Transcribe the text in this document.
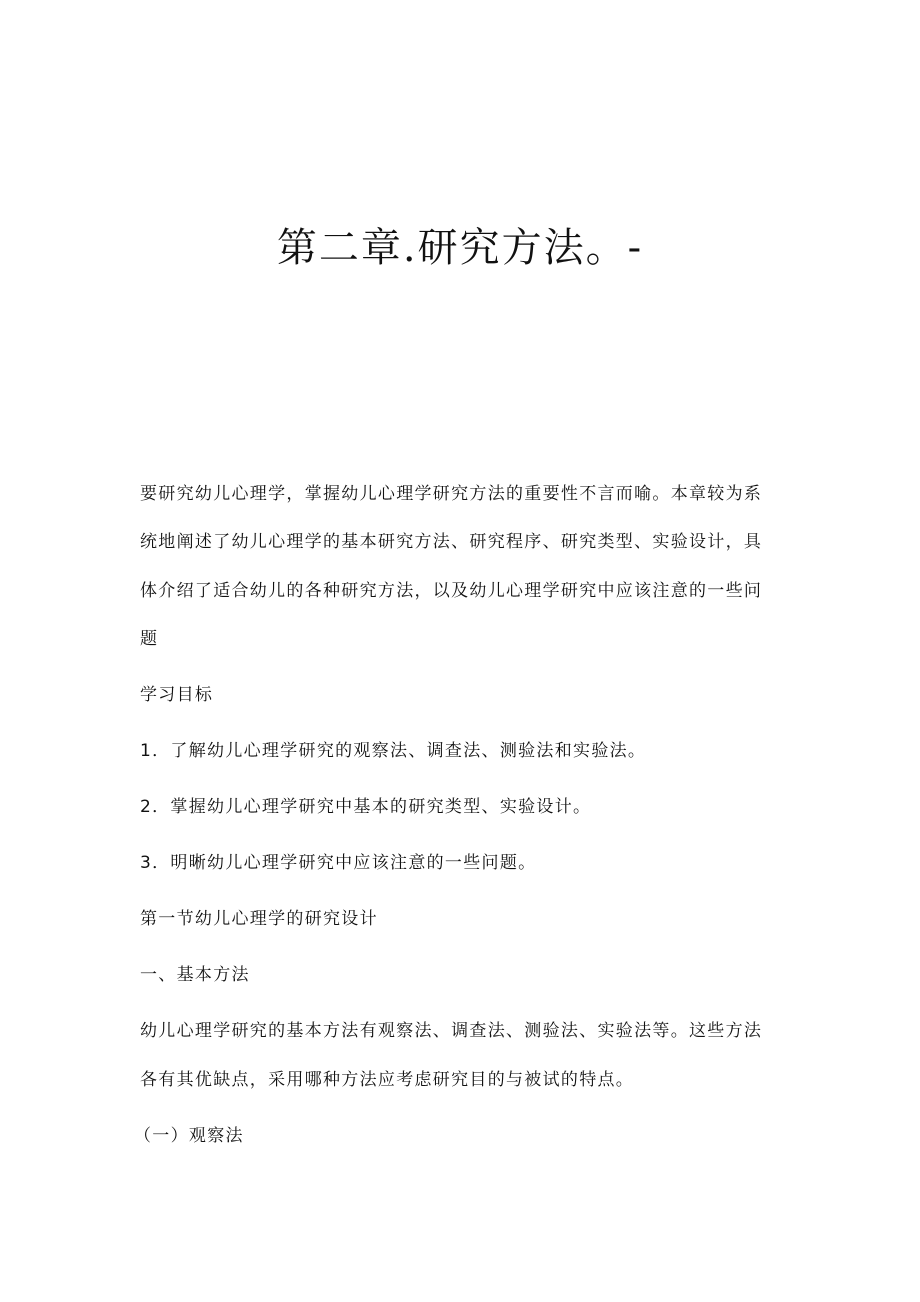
第二章.研究方法。-
要研究幼儿心理学，掌握幼儿心理学研究方法的重要性不言而喻。本章较为系
统地阐述了幼儿心理学的基本研究方法、研究程序、研究类型、实验设计，具
体介绍了适合幼儿的各种研究方法，以及幼儿心理学研究中应该注意的一些问
题
学习目标
1．了解幼儿心理学研究的观察法、调查法、测验法和实验法。
2．掌握幼儿心理学研究中基本的研究类型、实验设计。
3．明晰幼儿心理学研究中应该注意的一些问题。
第一节幼儿心理学的研究设计
一、基本方法
幼儿心理学研究的基本方法有观察法、调查法、测验法、实验法等。这些方法
各有其优缺点，采用哪种方法应考虑研究目的与被试的特点。
（一）观察法
